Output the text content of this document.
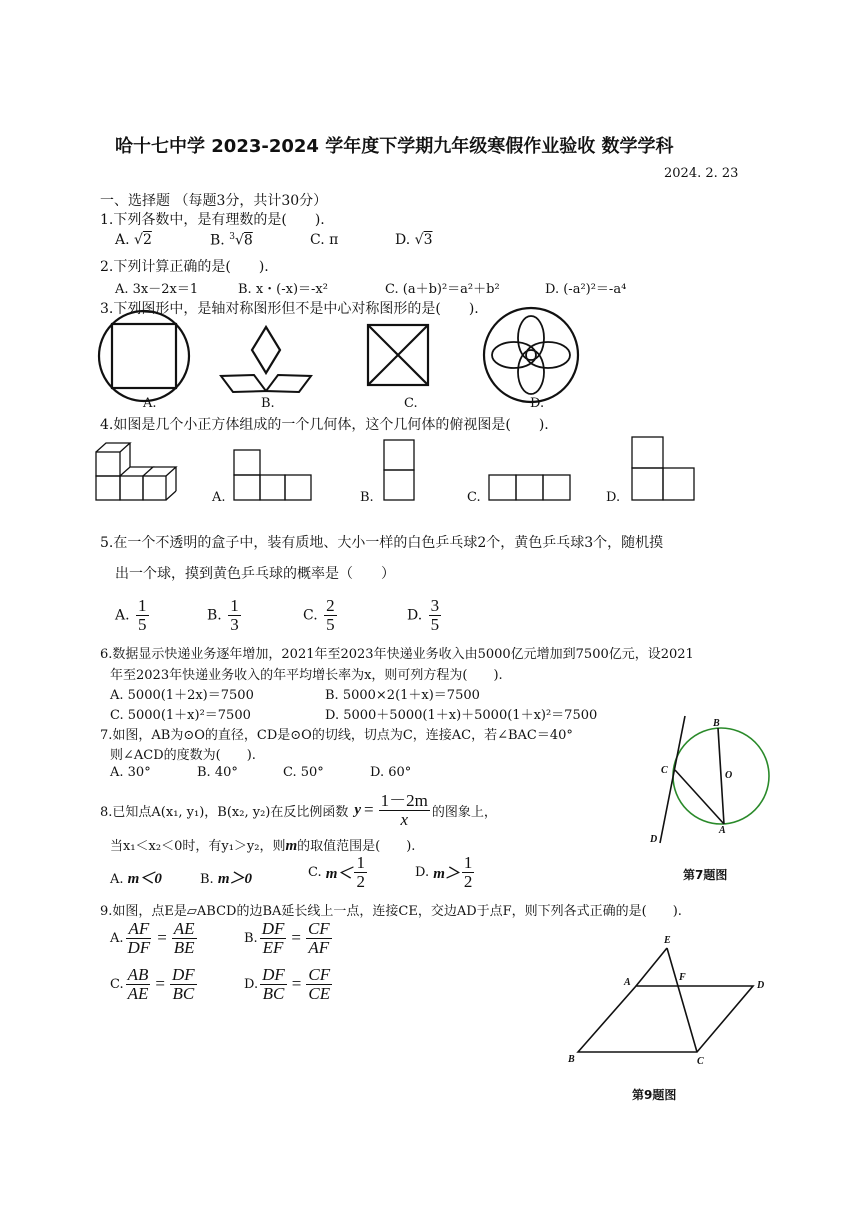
哈十七中学 2023-2024 学年度下学期九年级寒假作业验收 数学学科
2024. 2. 23
一、选择题 （每题3分，共计30分）
1.下列各数中，是有理数的是(　　).
A. √2	B. $^3$√8	C. π	D. √3
2.下列计算正确的是(　　).
A. 3x－2x＝1	B. x・(-x)＝-x²	C. (a＋b)²＝a²＋b²	D. (-a²)²＝-a⁴
3.下列图形中，是轴对称图形但不是中心对称图形的是(　　).
A.	B.	C.	D.
4.如图是几个小正方体组成的一个几何体，这个几何体的俯视图是(　　).
A.	B.	C.	D.
5.在一个不透明的盒子中，装有质地、大小一样的白色乒乓球2个，黄色乒乓球3个，随机摸
出一个球，摸到黄色乒乓球的概率是（　　）
A. $\frac{1}{5}$	B. $\frac{1}{3}$	C. $\frac{2}{5}$	D. $\frac{3}{5}$
6.数据显示快递业务逐年增加，2021年至2023年快递业务收入由5000亿元增加到7500亿元，设2021
年至2023年快递业务收入的年平均增长率为x，则可列方程为(　　).
A. 5000(1＋2x)＝7500	B. 5000×2(1＋x)＝7500
C. 5000(1＋x)²＝7500	D. 5000＋5000(1＋x)＋5000(1＋x)²＝7500
7.如图，AB为⊙O的直径，CD是⊙O的切线，切点为C，连接AC，若∠BAC＝40°
则∠ACD的度数为(　　).
A. 30°	B. 40°	C. 50°	D. 60°
B
C	O
A
D
第7题图
8.已知点A(x₁, y₁)，B(x₂, y₂)在反比例函数 $y = \frac{1-2m}{x}$ 的图象上，
当x₁＜x₂＜0时，有y₁＞y₂，则m的取值范围是(　　).
A. m＜0	B. m＞0	C.
$m< \frac{1}{2}$	D.
$m> \frac{1}{2}$
9.如图，点E是▱ABCD的边BA延长线上一点，连接CE，交边AD于点F，则下列各式正确的是(　　).
A. $\frac{AF}{DF} = \frac{AE}{BE}$	B. $\frac{DF}{EF} = \frac{CF}{AF}$
C. $\frac{AB}{AE} = \frac{DF}{BC}$	D. $\frac{DF}{BC} = \frac{CF}{CE}$
E
A	F
D
B	C
第9题图
